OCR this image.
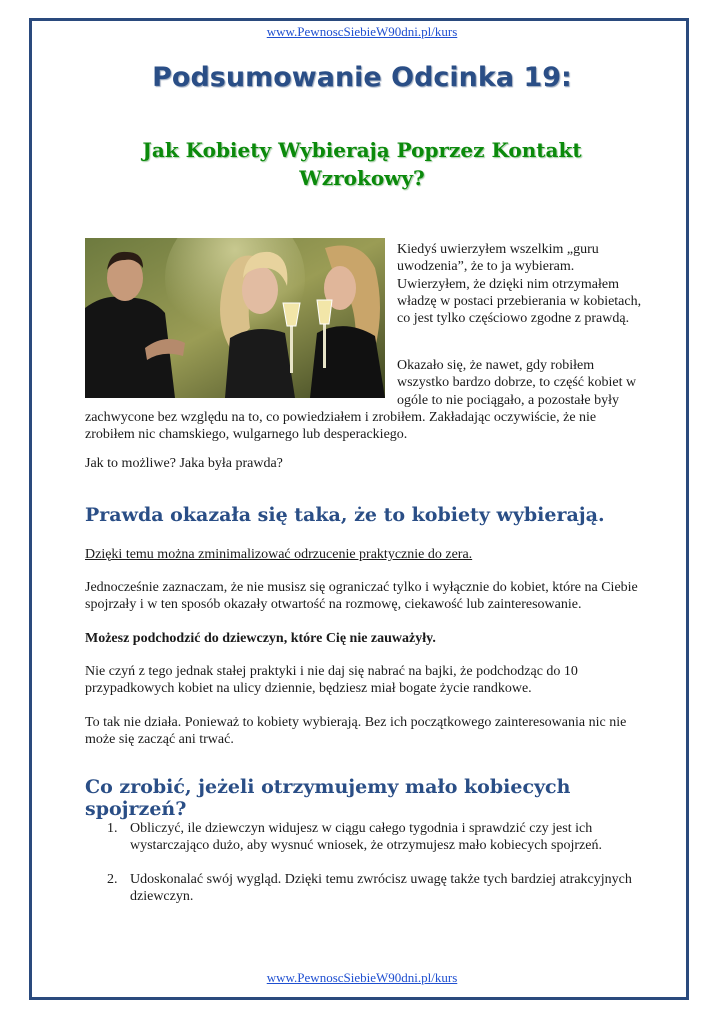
www.PewnoscSiebieW90dni.pl/kurs
Podsumowanie Odcinka 19:
Jak Kobiety Wybierają Poprzez Kontakt Wzrokowy?
Kiedyś uwierzyłem wszelkim „guru uwodzenia”, że to ja wybieram. Uwierzyłem, że dzięki nim otrzymałem władzę w postaci przebierania w kobietach, co jest tylko częściowo zgodne z prawdą.
Okazało się, że nawet, gdy robiłem wszystko bardzo dobrze, to część kobiet w ogóle to nie pociągało, a pozostałe były
zachwycone bez względu na to, co powiedziałem i zrobiłem. Zakładając oczywiście, że nie zrobiłem nic chamskiego, wulgarnego lub desperackiego.
Jak to możliwe? Jaka była prawda?
Prawda okazała się taka, że to kobiety wybierają.
Dzięki temu można zminimalizować odrzucenie praktycznie do zera.
Jednocześnie zaznaczam, że nie musisz się ograniczać tylko i wyłącznie do kobiet, które na Ciebie spojrzały i w ten sposób okazały otwartość na rozmowę, ciekawość lub zainteresowanie.
Możesz podchodzić do dziewczyn, które Cię nie zauważyły.
Nie czyń z tego jednak stałej praktyki i nie daj się nabrać na bajki, że podchodząc do 10 przypadkowych kobiet na ulicy dziennie, będziesz miał bogate życie randkowe.
To tak nie działa. Ponieważ to kobiety wybierają. Bez ich początkowego zainteresowania nic nie może się zacząć ani trwać.
Co zrobić, jeżeli otrzymujemy mało kobiecych spojrzeń?
1. Obliczyć, ile dziewczyn widujesz w ciągu całego tygodnia i sprawdzić czy jest ich wystarczająco dużo, aby wysnuć wniosek, że otrzymujesz mało kobiecych spojrzeń.
2. Udoskonalać swój wygląd. Dzięki temu zwrócisz uwagę także tych bardziej atrakcyjnych dziewczyn.
www.PewnoscSiebieW90dni.pl/kurs
